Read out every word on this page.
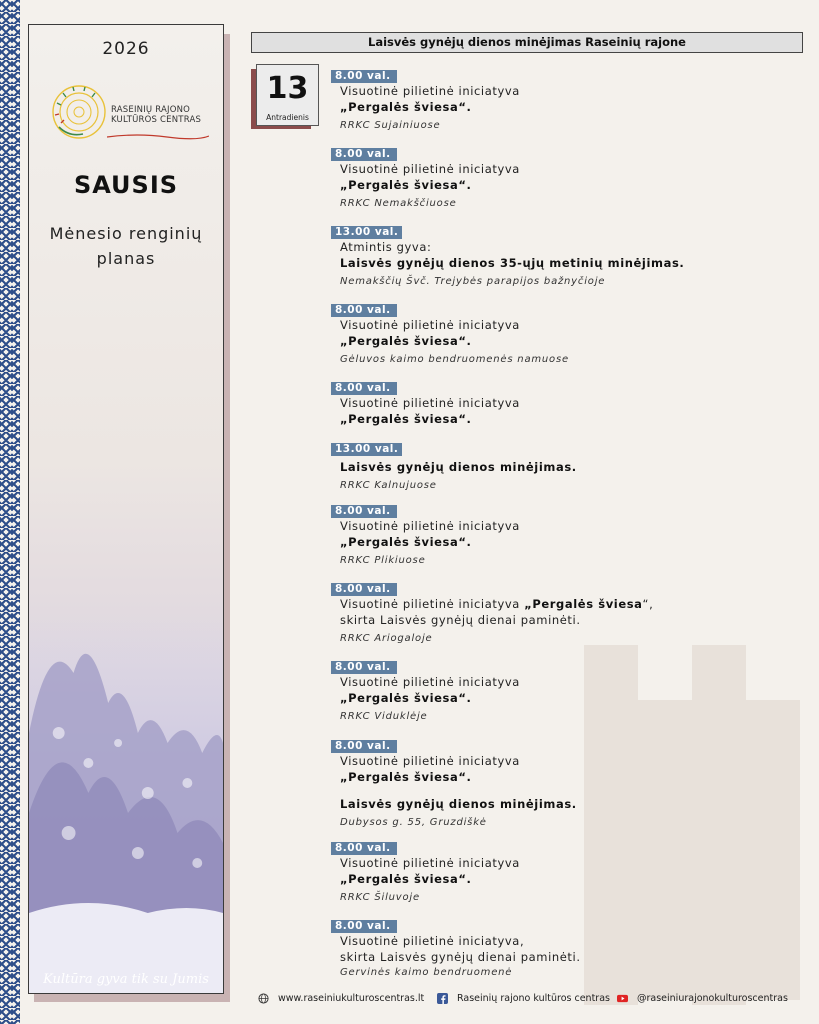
2026
RASEINIŲ RAJONO
KULTŪROS CENTRAS
SAUSIS
Mėnesio renginių
planas
Kultūra gyva tik su Jumis
Laisvės gynėjų dienos minėjimas Raseinių rajone
13
Antradienis
8.00 val.
Visuotinė pilietinė iniciatyva
„Pergalės šviesa“.
RRKC Sujainiuose
8.00 val.
Visuotinė pilietinė iniciatyva
„Pergalės šviesa“.
RRKC Nemakščiuose
13.00 val.
Atmintis gyva:
Laisvės gynėjų dienos 35-ųjų metinių minėjimas.
Nemakščių Švč. Trejybės parapijos bažnyčioje
8.00 val.
Visuotinė pilietinė iniciatyva
„Pergalės šviesa“.
Gėluvos kaimo bendruomenės namuose
8.00 val.
Visuotinė pilietinė iniciatyva
„Pergalės šviesa“.
13.00 val.
Laisvės gynėjų dienos minėjimas.
RRKC Kalnujuose
8.00 val.
Visuotinė pilietinė iniciatyva
„Pergalės šviesa“.
RRKC Plikiuose
8.00 val.
Visuotinė pilietinė iniciatyva „Pergalės šviesa“,
skirta Laisvės gynėjų dienai paminėti.
RRKC Ariogaloje
8.00 val.
Visuotinė pilietinė iniciatyva
„Pergalės šviesa“.
RRKC Viduklėje
8.00 val.
Visuotinė pilietinė iniciatyva
„Pergalės šviesa“.
Laisvės gynėjų dienos minėjimas.
Dubysos g. 55, Gruzdiškė
8.00 val.
Visuotinė pilietinė iniciatyva
„Pergalės šviesa“.
RRKC Šiluvoje
8.00 val.
Visuotinė pilietinė iniciatyva,
skirta Laisvės gynėjų dienai paminėti.
Gervinės kaimo bendruomenė
www.raseiniukulturoscentras.lt	Raseinių rajono kultūros centras	@raseiniurajonokulturoscentras
